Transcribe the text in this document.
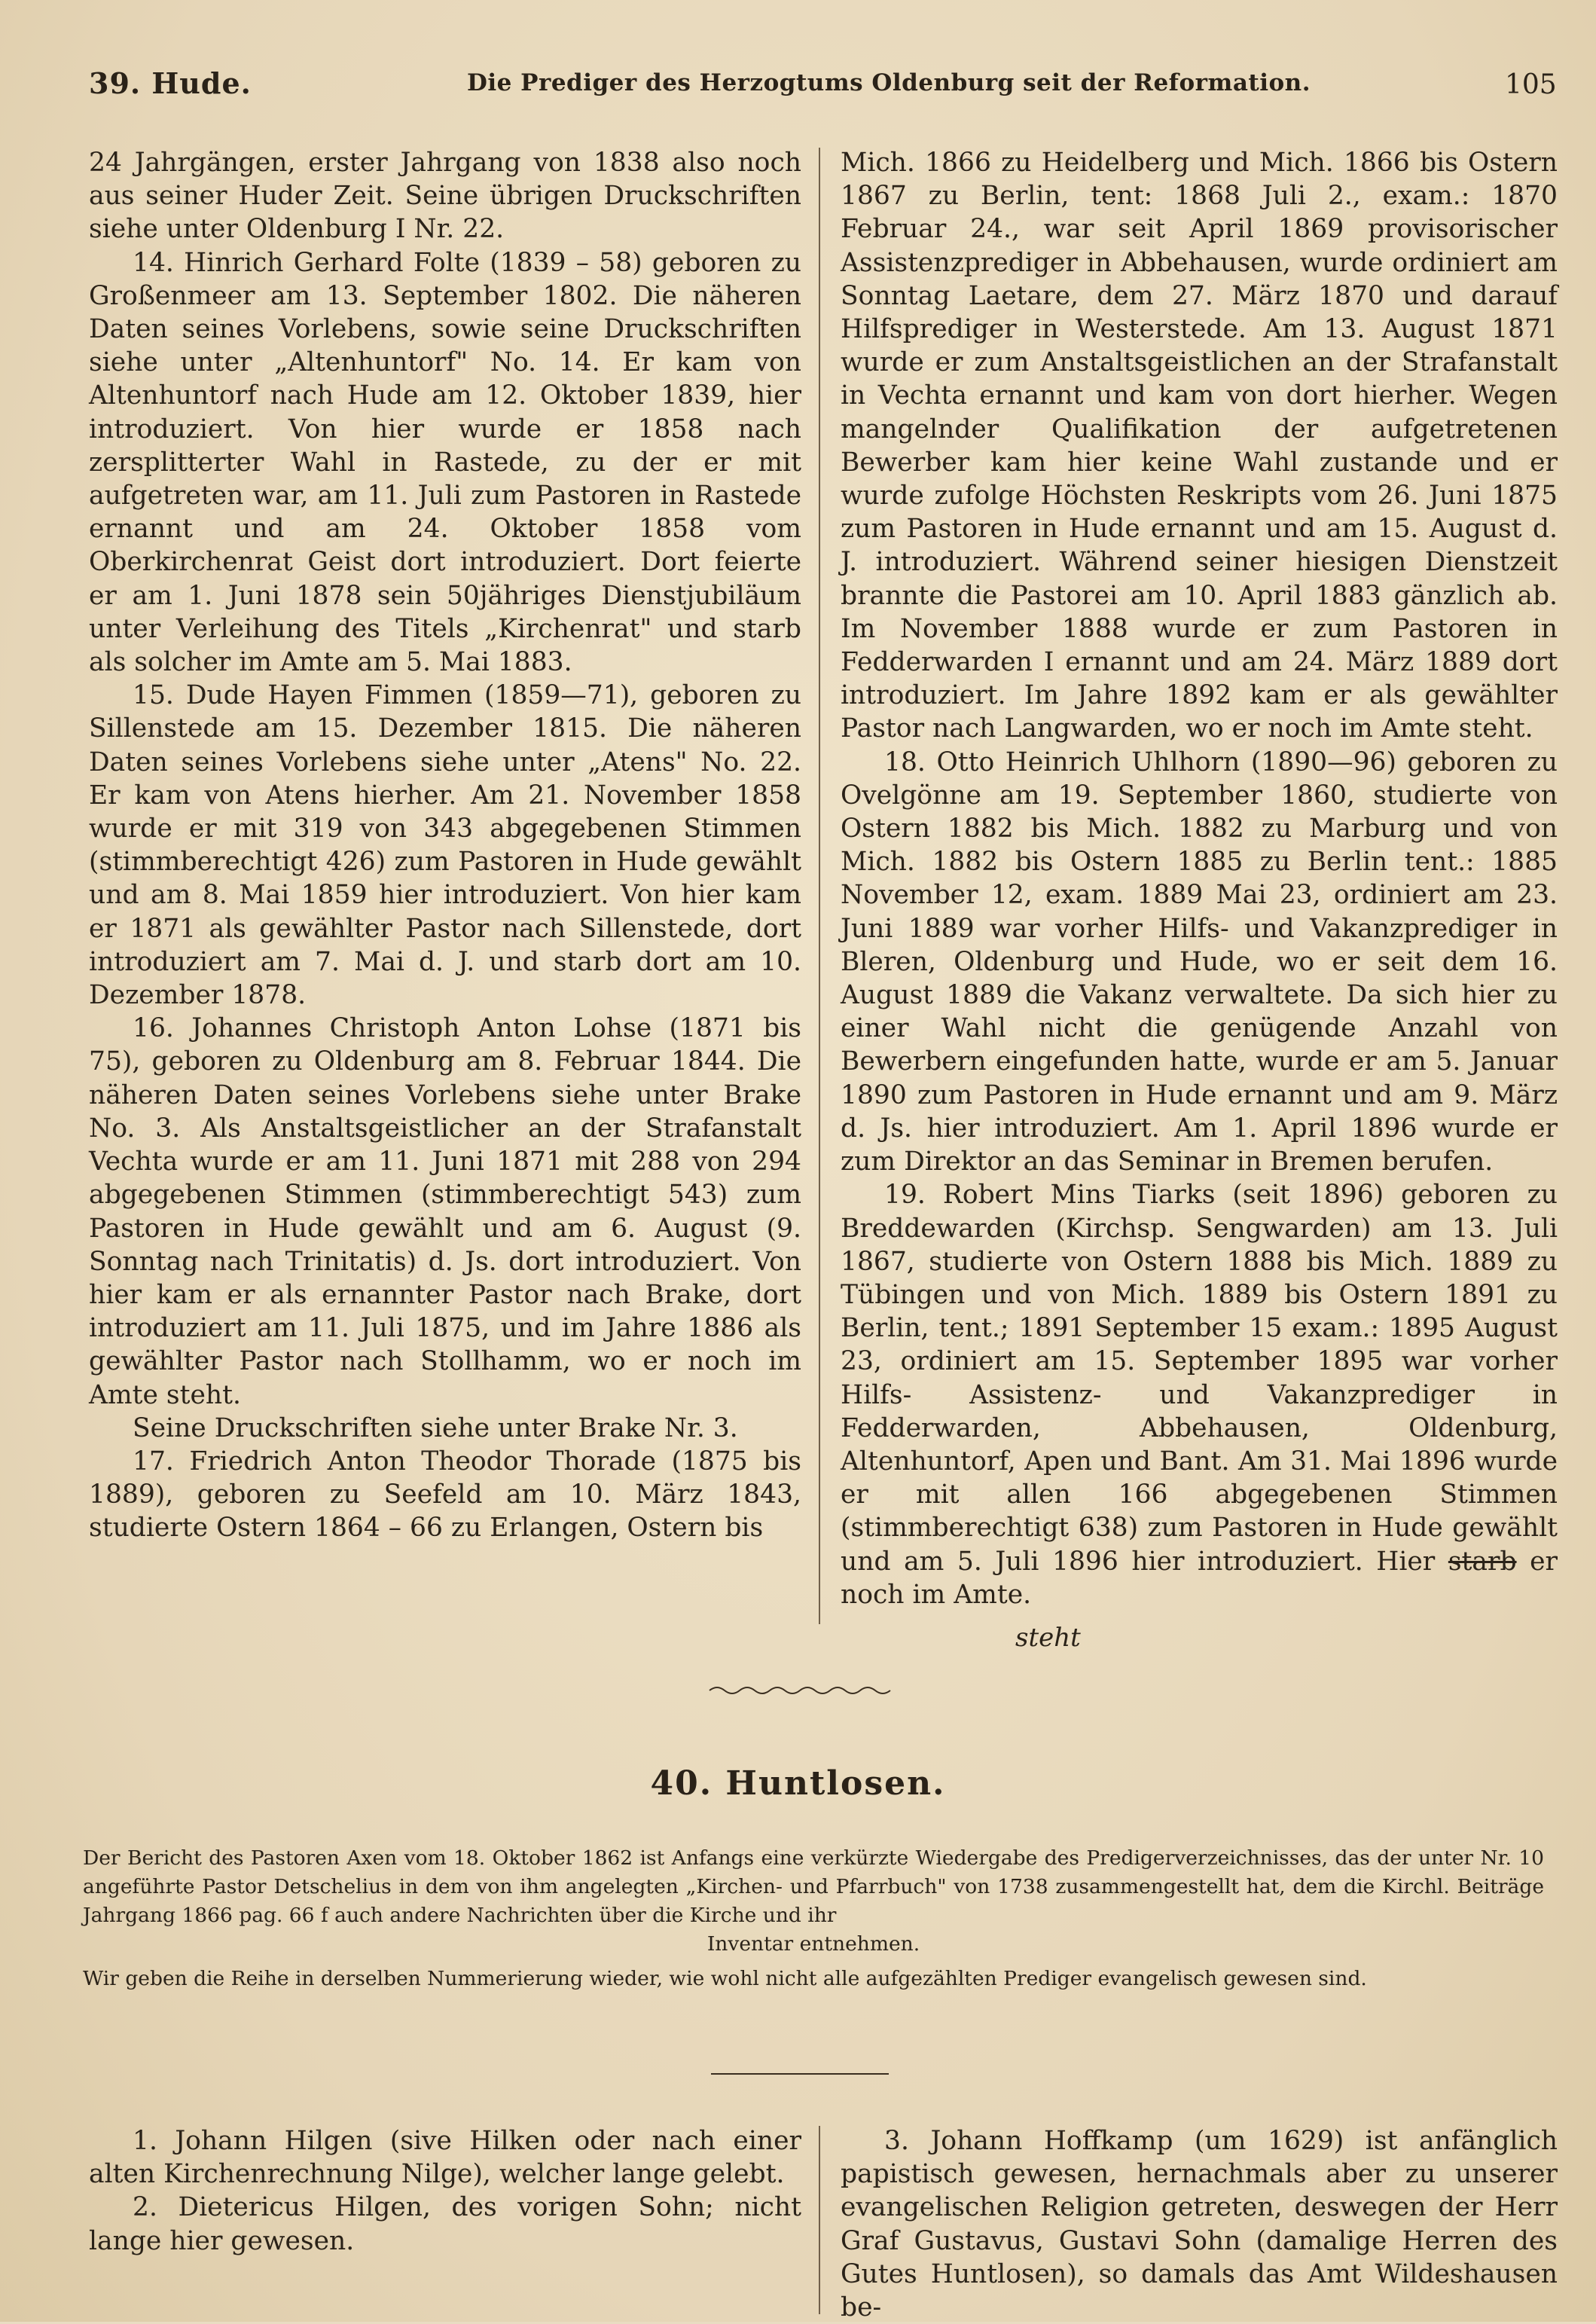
39. Hude.	Die Prediger des Herzogtums Oldenburg seit der Reformation.	105

24 Jahrgängen, erster Jahrgang von 1838 also noch aus seiner Huder Zeit. Seine übrigen Druckschriften siehe unter Oldenburg I Nr. 22.

14. Hinrich Gerhard Folte (1839 – 58) geboren zu Großenmeer am 13. September 1802. Die näheren Daten seines Vorlebens, sowie seine Druckschriften siehe unter „Altenhuntorf" No. 14. Er kam von Altenhuntorf nach Hude am 12. Oktober 1839, hier introduziert. Von hier wurde er 1858 nach zersplitterter Wahl in Rastede, zu der er mit aufgetreten war, am 11. Juli zum Pastoren in Rastede ernannt und am 24. Oktober 1858 vom Oberkirchenrat Geist dort introduziert. Dort feierte er am 1. Juni 1878 sein 50jähriges Dienstjubiläum unter Verleihung des Titels „Kirchenrat" und starb als solcher im Amte am 5. Mai 1883.

15. Dude Hayen Fimmen (1859—71), geboren zu Sillenstede am 15. Dezember 1815. Die näheren Daten seines Vorlebens siehe unter „Atens" No. 22. Er kam von Atens hierher. Am 21. November 1858 wurde er mit 319 von 343 abgegebenen Stimmen (stimmberechtigt 426) zum Pastoren in Hude gewählt und am 8. Mai 1859 hier introduziert. Von hier kam er 1871 als gewählter Pastor nach Sillenstede, dort introduziert am 7. Mai d. J. und starb dort am 10. Dezember 1878.

16. Johannes Christoph Anton Lohse (1871 bis 75), geboren zu Oldenburg am 8. Februar 1844. Die näheren Daten seines Vorlebens siehe unter Brake No. 3. Als Anstaltsgeistlicher an der Strafanstalt Vechta wurde er am 11. Juni 1871 mit 288 von 294 abgegebenen Stimmen (stimmberechtigt 543) zum Pastoren in Hude gewählt und am 6. August (9. Sonntag nach Trinitatis) d. Js. dort introduziert. Von hier kam er als ernannter Pastor nach Brake, dort introduziert am 11. Juli 1875, und im Jahre 1886 als gewählter Pastor nach Stollhamm, wo er noch im Amte steht.

Seine Druckschriften siehe unter Brake Nr. 3.

17. Friedrich Anton Theodor Thorade (1875 bis 1889), geboren zu Seefeld am 10. März 1843, studierte Ostern 1864 – 66 zu Erlangen, Ostern bis

Mich. 1866 zu Heidelberg und Mich. 1866 bis Ostern 1867 zu Berlin, tent: 1868 Juli 2., exam.: 1870 Februar 24., war seit April 1869 provisorischer Assistenzprediger in Abbehausen, wurde ordiniert am Sonntag Laetare, dem 27. März 1870 und darauf Hilfsprediger in Westerstede. Am 13. August 1871 wurde er zum Anstaltsgeistlichen an der Strafanstalt in Vechta ernannt und kam von dort hierher. Wegen mangelnder Qualifikation der aufgetretenen Bewerber kam hier keine Wahl zustande und er wurde zufolge Höchsten Reskripts vom 26. Juni 1875 zum Pastoren in Hude ernannt und am 15. August d. J. introduziert. Während seiner hiesigen Dienstzeit brannte die Pastorei am 10. April 1883 gänzlich ab. Im November 1888 wurde er zum Pastoren in Fedderwarden I ernannt und am 24. März 1889 dort introduziert. Im Jahre 1892 kam er als gewählter Pastor nach Langwarden, wo er noch im Amte steht.

18. Otto Heinrich Uhlhorn (1890—96) geboren zu Ovelgönne am 19. September 1860, studierte von Ostern 1882 bis Mich. 1882 zu Marburg und von Mich. 1882 bis Ostern 1885 zu Berlin tent.: 1885 November 12, exam. 1889 Mai 23, ordiniert am 23. Juni 1889 war vorher Hilfs- und Vakanzprediger in Bleren, Oldenburg und Hude, wo er seit dem 16. August 1889 die Vakanz verwaltete. Da sich hier zu einer Wahl nicht die genügende Anzahl von Bewerbern eingefunden hatte, wurde er am 5. Januar 1890 zum Pastoren in Hude ernannt und am 9. März d. Js. hier introduziert. Am 1. April 1896 wurde er zum Direktor an das Seminar in Bremen berufen.

19. Robert Mins Tiarks (seit 1896) geboren zu Breddewarden (Kirchsp. Sengwarden) am 13. Juli 1867, studierte von Ostern 1888 bis Mich. 1889 zu Tübingen und von Mich. 1889 bis Ostern 1891 zu Berlin, tent.; 1891 September 15 exam.: 1895 August 23, ordiniert am 15. September 1895 war vorher Hilfs- Assistenz- und Vakanzprediger in Fedderwarden, Abbehausen, Oldenburg, Altenhuntorf, Apen und Bant. Am 31. Mai 1896 wurde er mit allen 166 abgegebenen Stimmen (stimmberechtigt 638) zum Pastoren in Hude gewählt und am 5. Juli 1896 hier introduziert. Hier starb er noch im Amte.

steht
40. Huntlosen.

Der Bericht des Pastoren Axen vom 18. Oktober 1862 ist Anfangs eine verkürzte Wiedergabe des Predigerverzeichnisses, das der unter Nr. 10 angeführte Pastor Detschelius in dem von ihm angelegten „Kirchen- und Pfarrbuch" von 1738 zusammengestellt hat, dem die Kirchl. Beiträge Jahrgang 1866 pag. 66 f auch andere Nachrichten über die Kirche und ihr

Inventar entnehmen.

Wir geben die Reihe in derselben Nummerierung wieder, wie wohl nicht alle aufgezählten Prediger evangelisch gewesen sind.

1. Johann Hilgen (sive Hilken oder nach einer alten Kirchenrechnung Nilge), welcher lange gelebt.

2. Dietericus Hilgen, des vorigen Sohn; nicht lange hier gewesen.

3. Johann Hoffkamp (um 1629) ist anfänglich papistisch gewesen, hernachmals aber zu unserer evangelischen Religion getreten, deswegen der Herr Graf Gustavus, Gustavi Sohn (damalige Herren des Gutes Huntlosen), so damals das Amt Wildeshausen be-
